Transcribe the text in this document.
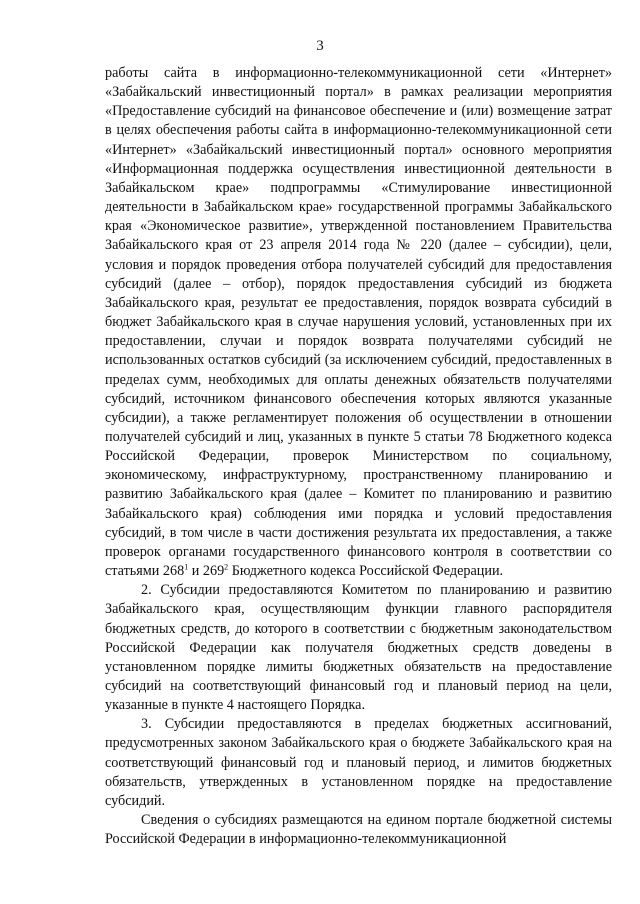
3

работы сайта в информационно-телекоммуникационной сети «Интернет» «Забайкальский инвестиционный портал» в рамках реализации мероприятия «Предоставление субсидий на финансовое обеспечение и (или) возмещение затрат в целях обеспечения работы сайта в информационно-телекоммуникационной сети «Интернет» «Забайкальский инвестиционный портал» основного мероприятия «Информационная поддержка осуществления инвестиционной деятельности в Забайкальском крае» подпрограммы «Стимулирование инвестиционной деятельности в Забайкальском крае» государственной программы Забайкальского края «Экономическое развитие», утвержденной постановлением Правительства Забайкальского края от 23 апреля 2014 года № 220 (далее – субсидии), цели, условия и порядок проведения отбора получателей субсидий для предоставления субсидий (далее – отбор), порядок предоставления субсидий из бюджета Забайкальского края, результат ее предоставления, порядок возврата субсидий в бюджет Забайкальского края в случае нарушения условий, установленных при их предоставлении, случаи и порядок возврата получателями субсидий не использованных остатков субсидий (за исключением субсидий, предоставленных в пределах сумм, необходимых для оплаты денежных обязательств получателями субсидий, источником финансового обеспечения которых являются указанные субсидии), а также регламентирует положения об осуществлении в отношении получателей субсидий и лиц, указанных в пункте 5 статьи 78 Бюджетного кодекса Российской Федерации, проверок Министерством по социальному, экономическому, инфраструктурному, пространственному планированию и развитию Забайкальского края (далее – Комитет по планированию и развитию Забайкальского края) соблюдения ими порядка и условий предоставления субсидий, в том числе в части достижения результата их предоставления, а также проверок органами государственного финансового контроля в соответствии со статьями $268^1$ и $269^2$ Бюджетного кодекса Российской Федерации.

2. Субсидии предоставляются Комитетом по планированию и развитию Забайкальского края, осуществляющим функции главного распорядителя бюджетных средств, до которого в соответствии с бюджетным законодательством Российской Федерации как получателя бюджетных средств доведены в установленном порядке лимиты бюджетных обязательств на предоставление субсидий на соответствующий финансовый год и плановый период на цели, указанные в пункте 4 настоящего Порядка.

3. Субсидии предоставляются в пределах бюджетных ассигнований, предусмотренных законом Забайкальского края о бюджете Забайкальского края на соответствующий финансовый год и плановый период, и лимитов бюджетных обязательств, утвержденных в установленном порядке на предоставление субсидий.

Сведения о субсидиях размещаются на едином портале бюджетной системы Российской Федерации в информационно-телекоммуникационной
